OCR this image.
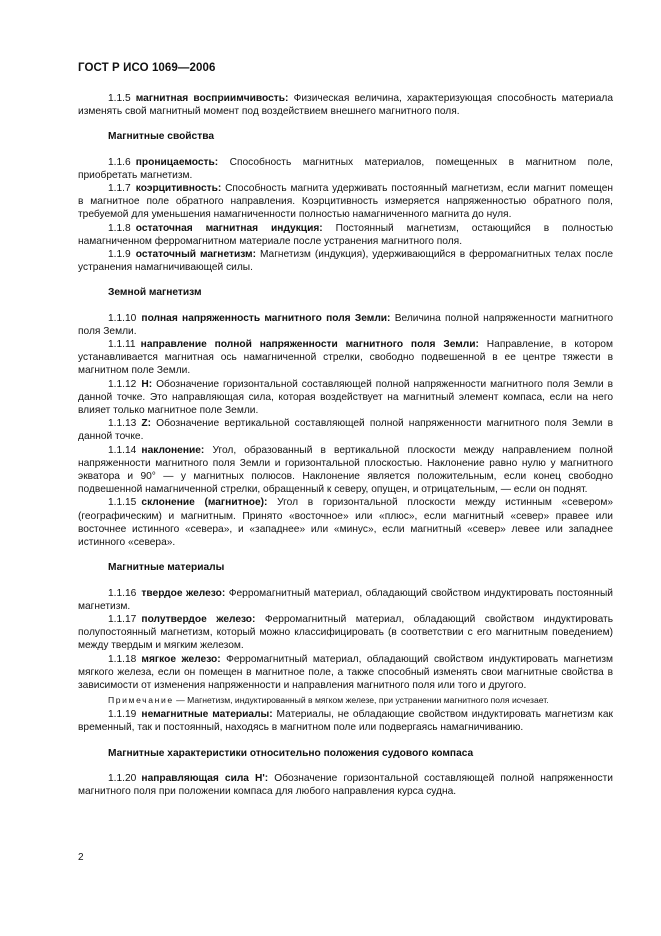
ГОСТ Р ИСО 1069—2006

1.1.5  магнитная восприимчивость: Физическая величина, характеризующая способность материала изменять свой магнитный момент под воздействием внешнего магнитного поля.

Магнитные свойства

1.1.6  проницаемость: Способность магнитных материалов, помещенных в магнитном поле, приобретать магнетизм.

1.1.7  коэрцитивность: Способность магнита удерживать постоянный магнетизм, если магнит помещен в магнитное поле обратного направления. Коэрцитивность измеряется напряженностью обратного поля, требуемой для уменьшения намагниченности полностью намагниченного магнита до нуля.

1.1.8  остаточная магнитная индукция: Постоянный магнетизм, остающийся в полностью намагниченном ферромагнитном материале после устранения магнитного поля.

1.1.9  остаточный магнетизм: Магнетизм (индукция), удерживающийся в ферромагнитных телах после устранения намагничивающей силы.

Земной магнетизм

1.1.10  полная напряженность магнитного поля Земли: Величина полной напряженности магнитного поля Земли.

1.1.11  направление полной напряженности магнитного поля Земли: Направление, в котором устанавливается магнитная ось намагниченной стрелки, свободно подвешенной в ее центре тяжести в магнитном поле Земли.

1.1.12  H: Обозначение горизонтальной составляющей полной напряженности магнитного поля Земли в данной точке. Это направляющая сила, которая воздействует на магнитный элемент компаса, если на него влияет только магнитное поле Земли.

1.1.13  Z: Обозначение вертикальной составляющей полной напряженности магнитного поля Земли в данной точке.

1.1.14  наклонение: Угол, образованный в вертикальной плоскости между направлением полной напряженности магнитного поля Земли и горизонтальной плоскостью. Наклонение равно нулю у магнитного экватора и 90° — у магнитных полюсов. Наклонение является положительным, если конец свободно подвешенной намагниченной стрелки, обращенный к северу, опущен, и отрицательным, — если он поднят.

1.1.15  склонение (магнитное): Угол в горизонтальной плоскости между истинным «севером» (географическим) и магнитным. Принято «восточное» или «плюс», если магнитный «север» правее или восточнее истинного «севера», и «западнее» или «минус», если магнитный «север» левее или западнее истинного «севера».

Магнитные материалы

1.1.16  твердое железо: Ферромагнитный материал, обладающий свойством индуктировать постоянный магнетизм.

1.1.17  полутвердое железо: Ферромагнитный материал, обладающий свойством индуктировать полупостоянный магнетизм, который можно классифицировать (в соответствии с его магнитным поведением) между твердым и мягким железом.

1.1.18  мягкое железо: Ферромагнитный материал, обладающий свойством индуктировать магнетизм мягкого железа, если он помещен в магнитное поле, а также способный изменять свои магнитные свойства в зависимости от изменения напряженности и направления магнитного поля или того и другого.

Примечание — Магнетизм, индуктированный в мягком железе, при устранении магнитного поля исчезает.

1.1.19  немагнитные материалы: Материалы, не обладающие свойством индуктировать магнетизм как временный, так и постоянный, находясь в магнитном поле или подвергаясь намагничиванию.

Магнитные характеристики относительно положения судового компаса

1.1.20  направляющая сила H': Обозначение горизонтальной составляющей полной напряженности магнитного поля при положении компаса для любого направления курса судна.

2
